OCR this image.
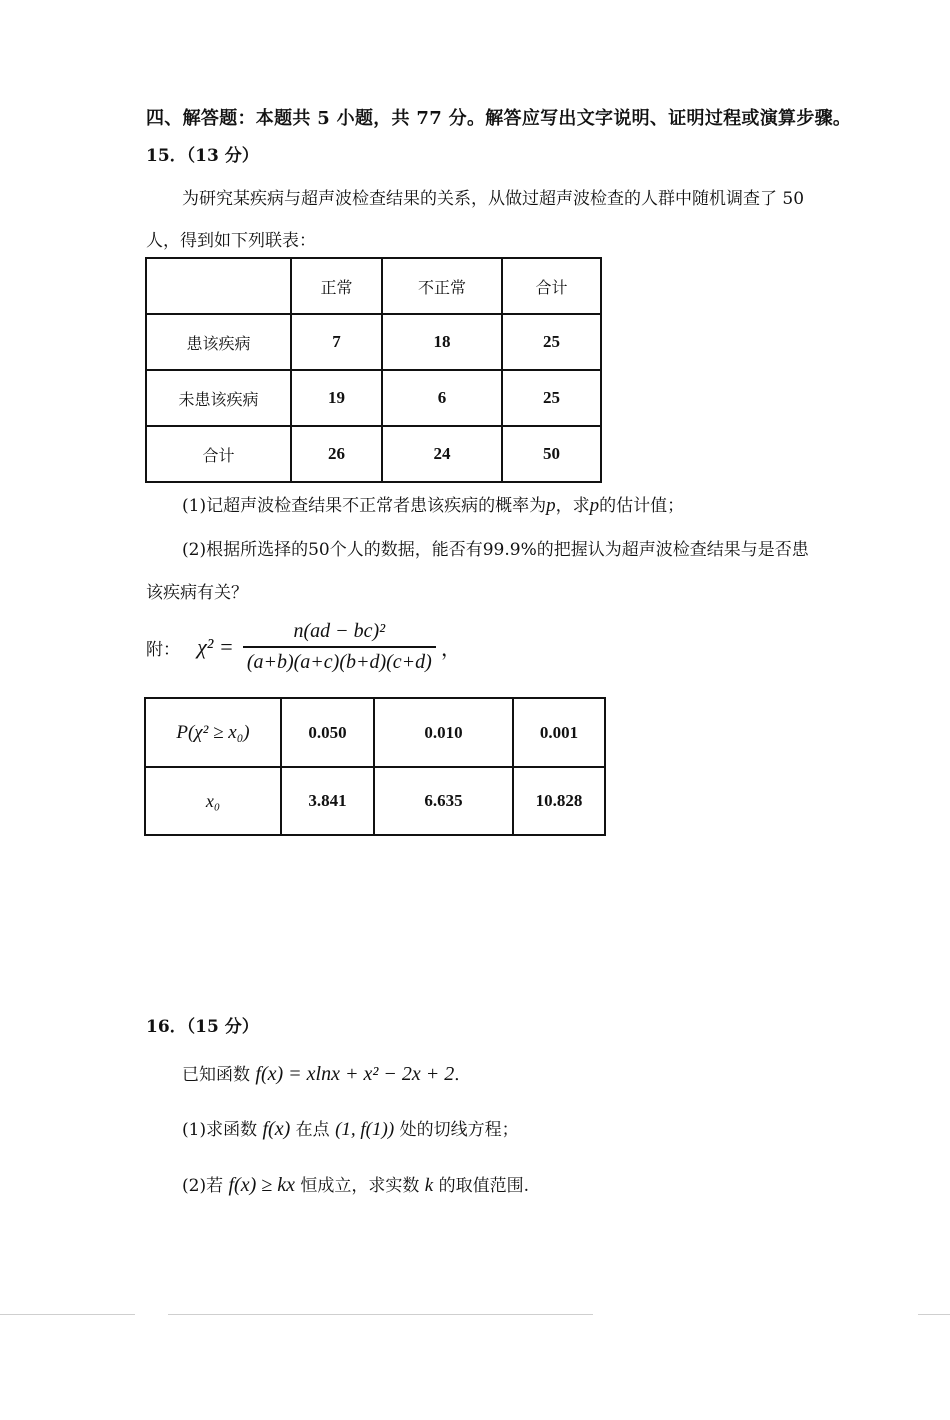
四、解答题：本题共 5 小题，共 77 分。解答应写出文字说明、证明过程或演算步骤。
15．（13 分）
为研究某疾病与超声波检查结果的关系，从做过超声波检查的人群中随机调查了 50
人，得到如下列联表：
	正常	不正常	合计
患该疾病	7	18	25
未患该疾病	19	6	25
合计	26	24	50
(1)记超声波检查结果不正常者患该疾病的概率为p，求p的估计值；
(2)根据所选择的50个人的数据，能否有99.9%的把握认为超声波检查结果与是否患
该疾病有关？
附： $\chi^2 = \frac{\text{n(ad − bc)²}}{(a+b)(a+c)(b+d)(c+d)}$ ，
P(χ² ≥ x₀)	0.050	0.010	0.001
x₀	3.841	6.635	10.828
16．（15 分）
已知函数 f(x) = xlnx + x² − 2x + 2．
(1)求函数 f(x) 在点 (1, f(1)) 处的切线方程；
(2)若 f(x) ≥ kx 恒成立，求实数 k 的取值范围.
